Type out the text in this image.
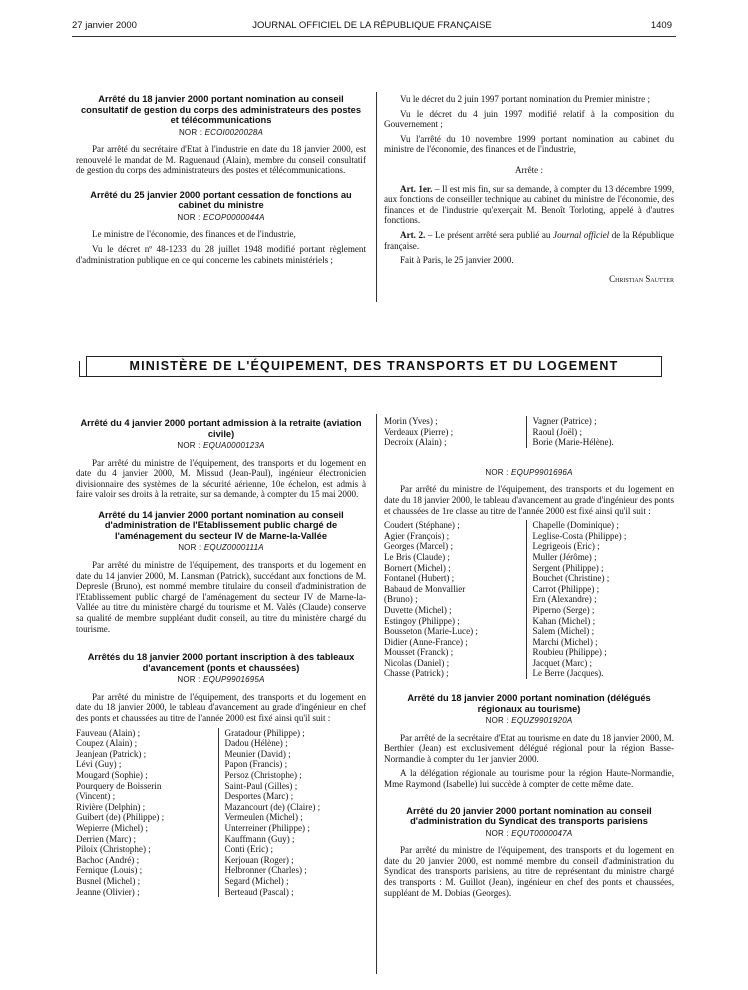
27 janvier 2000	JOURNAL OFFICIEL DE LA RÉPUBLIQUE FRANÇAISE	1409
Arrêté du 18 janvier 2000 portant nomination au conseil consultatif de gestion du corps des administrateurs des postes et télécommunications
NOR : ECOI0020028A

Par arrêté du secrétaire d'Etat à l'industrie en date du 18 janvier 2000, est renouvelé le mandat de M. Raguenaud (Alain), membre du conseil consultatif de gestion du corps des administrateurs des postes et télécommunications.

Arrêté du 25 janvier 2000 portant cessation de fonctions au cabinet du ministre
NOR : ECOP0000044A

Le ministre de l'économie, des finances et de l'industrie,

Vu le décret nº 48-1233 du 28 juillet 1948 modifié portant règlement d'administration publique en ce qui concerne les cabinets ministériels ;

Vu le décret du 2 juin 1997 portant nomination du Premier ministre ;

Vu le décret du 4 juin 1997 modifié relatif à la composition du Gouvernement ;

Vu l'arrêté du 10 novembre 1999 portant nomination au cabinet du ministre de l'économie, des finances et de l'industrie,

Arrête :

Art. 1er. – Il est mis fin, sur sa demande, à compter du 13 décembre 1999, aux fonctions de conseiller technique au cabinet du ministre de l'économie, des finances et de l'industrie qu'exerçait M. Benoît Torloting, appelé à d'autres fonctions.

Art. 2. – Le présent arrêté sera publié au Journal officiel de la République française.

Fait à Paris, le 25 janvier 2000.

Christian Sautter
MINISTÈRE DE L'ÉQUIPEMENT, DES TRANSPORTS ET DU LOGEMENT
Arrêté du 4 janvier 2000 portant admission à la retraite (aviation civile)
NOR : EQUA0000123A

Par arrêté du ministre de l'équipement, des transports et du logement en date du 4 janvier 2000, M. Missud (Jean-Paul), ingénieur électronicien divisionnaire des systèmes de la sécurité aérienne, 10e échelon, est admis à faire valoir ses droits à la retraite, sur sa demande, à compter du 15 mai 2000.

Arrêté du 14 janvier 2000 portant nomination au conseil d'administration de l'Etablissement public chargé de l'aménagement du secteur IV de Marne-la-Vallée
NOR : EQUZ0000111A

Par arrêté du ministre de l'équipement, des transports et du logement en date du 14 janvier 2000, M. Lansman (Patrick), succédant aux fonctions de M. Depresle (Bruno), est nommé membre titulaire du conseil d'administration de l'Etablissement public chargé de l'aménagement du secteur IV de Marne-la-Vallée au titre du ministère chargé du tourisme et M. Valès (Claude) conserve sa qualité de membre suppléant dudit conseil, au titre du ministère chargé du tourisme.

Arrêtés du 18 janvier 2000 portant inscription à des tableaux d'avancement (ponts et chaussées)
NOR : EQUP9901695A

Par arrêté du ministre de l'équipement, des transports et du logement en date du 18 janvier 2000, le tableau d'avancement au grade d'ingénieur en chef des ponts et chaussées au titre de l'année 2000 est fixé ainsi qu'il suit :

Fauveau (Alain) ;
Coupez (Alain) ;
Jeanjean (Patrick) ;
Lévi (Guy) ;
Mougard (Sophie) ;
Pourquery de Boisserin
(Vincent) ;
Rivière (Delphin) ;
Guibert (de) (Philippe) ;
Wepierre (Michel) ;
Derrien (Marc) ;
Piloix (Christophe) ;
Bachoc (André) ;
Fernique (Louis) ;
Busnel (Michel) ;
Jeanne (Olivier) ;
Gratadour (Philippe) ;
Dadou (Hélène) ;
Meunier (David) ;
Papon (Francis) ;
Persoz (Christophe) ;
Saint-Paul (Gilles) ;
Desportes (Marc) ;
Mazancourt (de) (Claire) ;
Vermeulen (Michel) ;
Unterreiner (Philippe) ;
Kauffmann (Guy) ;
Conti (Eric) ;
Kerjouan (Roger) ;
Helbronner (Charles) ;
Segard (Michel) ;
Berteaud (Pascal) ;
Morin (Yves) ;
Verdeaux (Pierre) ;
Decroix (Alain) ;
Vagner (Patrice) ;
Raoul (Joël) ;
Borie (Marie-Hélène).
NOR : EQUP9901696A

Par arrêté du ministre de l'équipement, des transports et du logement en date du 18 janvier 2000, le tableau d'avancement au grade d'ingénieur des ponts et chaussées de 1re classe au titre de l'année 2000 est fixé ainsi qu'il suit :

Coudert (Stéphane) ;
Agier (François) ;
Georges (Marcel) ;
Le Bris (Claude) ;
Bornert (Michel) ;
Fontanel (Hubert) ;
Babaud de Monvallier
(Bruno) ;
Duvette (Michel) ;
Estingoy (Philippe) ;
Bousseton (Marie-Luce) ;
Didier (Anne-France) ;
Mousset (Franck) ;
Nicolas (Daniel) ;
Chasse (Patrick) ;
Chapelle (Dominique) ;
Leglise-Costa (Philippe) ;
Legrigeois (Eric) ;
Muller (Jérôme) ;
Sergent (Philippe) ;
Bouchet (Christine) ;
Carrot (Philippe) ;
Ern (Alexandre) ;
Piperno (Serge) ;
Kahan (Michel) ;
Salem (Michel) ;
Marchi (Michel) ;
Roubieu (Philippe) ;
Jacquet (Marc) ;
Le Berre (Jacques).
Arrêté du 18 janvier 2000 portant nomination (délégués régionaux au tourisme)
NOR : EQUZ9901920A

Par arrêté de la secrétaire d'Etat au tourisme en date du 18 janvier 2000, M. Berthier (Jean) est exclusivement délégué régional pour la région Basse-Normandie à compter du 1er janvier 2000.

A la délégation régionale au tourisme pour la région Haute-Normandie, Mme Raymond (Isabelle) lui succède à compter de cette même date.

Arrêté du 20 janvier 2000 portant nomination au conseil d'administration du Syndicat des transports parisiens
NOR : EQUT0000047A

Par arrêté du ministre de l'équipement, des transports et du logement en date du 20 janvier 2000, est nommé membre du conseil d'administration du Syndicat des transports parisiens, au titre de représentant du ministre chargé des transports : M. Guillot (Jean), ingénieur en chef des ponts et chaussées, suppléant de M. Dobias (Georges).
